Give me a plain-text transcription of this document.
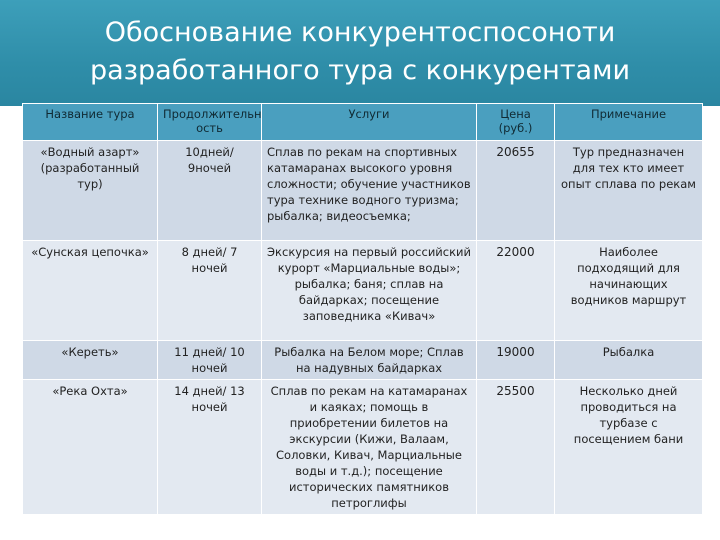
Обоснование конкурентоспосоноти
разработанного тура с конкурентами
Название тура	Продолжительн ость	Услуги	Цена (руб.)	Примечание
«Водный азарт» (разработанный тур)	10дней/ 9ночей	Сплав по рекам на спортивных катамаранах высокого уровня сложности; обучение участников тура технике водного туризма; рыбалка; видеосъемка;	20655	Тур предназначен для тех кто имеет опыт сплава по рекам
«Сунская цепочка»	8 дней/ 7 ночей	Экскурсия на первый российский курорт «Марциальные воды»; рыбалка; баня; сплав на байдарках; посещение заповедника «Кивач»	22000	Наиболее подходящий для начинающих водников маршрут
«Кереть»	11 дней/ 10 ночей	Рыбалка на Белом море; Сплав на надувных байдарках	19000	Рыбалка
«Река Охта»	14 дней/ 13 ночей	Сплав по рекам на катамаранах и каяках; помощь в приобретении билетов на экскурсии (Кижи, Валаам, Соловки, Кивач, Марциальные воды и т.д.); посещение исторических памятников петроглифы	25500	Несколько дней проводиться на турбазе с посещением бани
